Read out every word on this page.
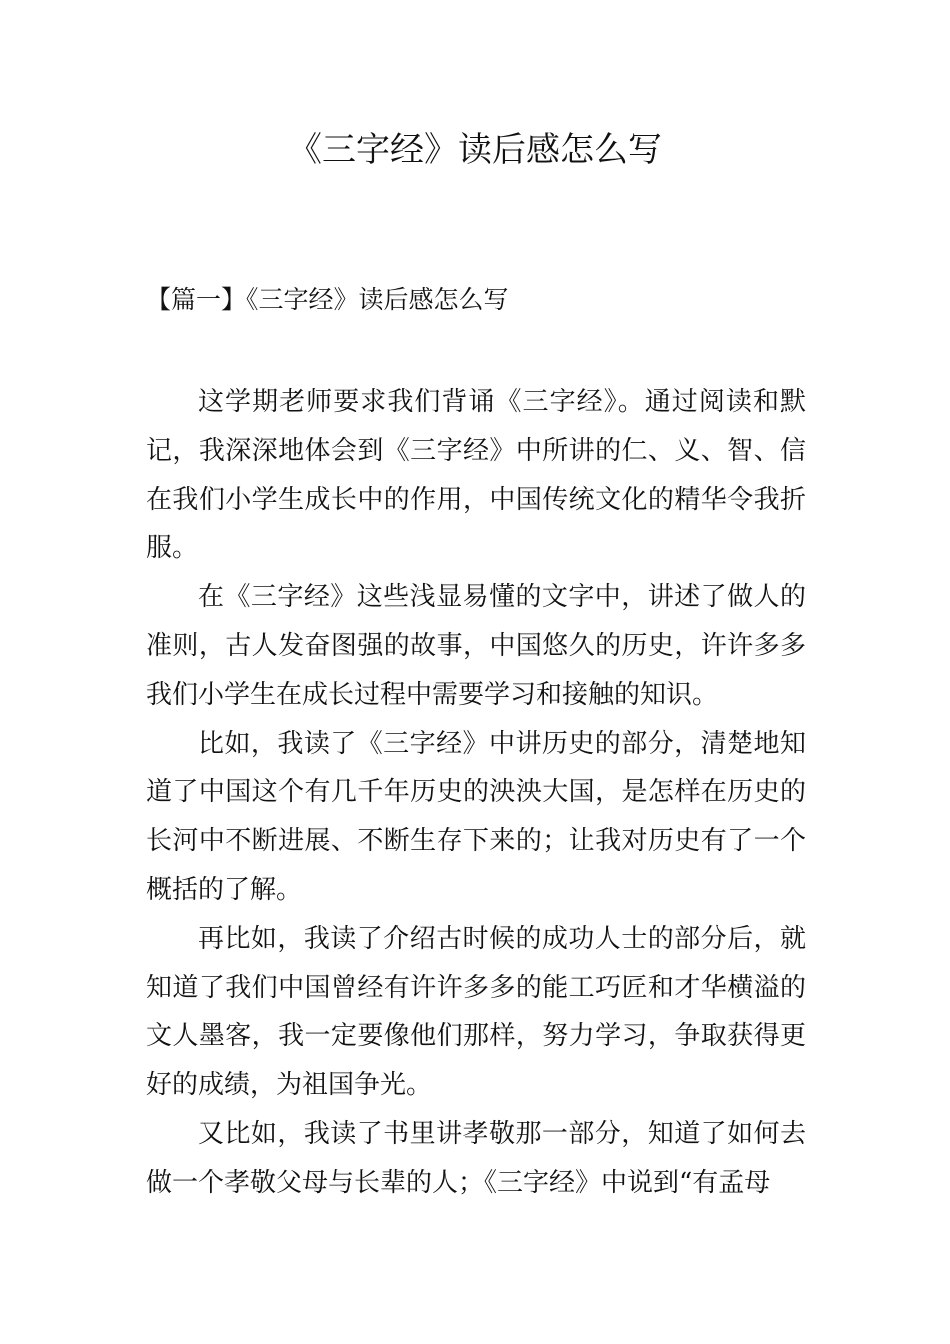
《三字经》读后感怎么写
【篇一】《三字经》读后感怎么写

这学期老师要求我们背诵《三字经》。通过阅读和默记，我深深地体会到《三字经》中所讲的仁、义、智、信在我们小学生成长中的作用，中国传统文化的精华令我折服。

在《三字经》这些浅显易懂的文字中，讲述了做人的准则，古人发奋图强的故事，中国悠久的历史，许许多多我们小学生在成长过程中需要学习和接触的知识。

比如，我读了《三字经》中讲历史的部分，清楚地知道了中国这个有几千年历史的泱泱大国，是怎样在历史的长河中不断进展、不断生存下来的；让我对历史有了一个概括的了解。

再比如，我读了介绍古时候的成功人士的部分后，就知道了我们中国曾经有许许多多的能工巧匠和才华横溢的文人墨客，我一定要像他们那样，努力学习，争取获得更好的成绩，为祖国争光。

又比如，我读了书里讲孝敬那一部分，知道了如何去做一个孝敬父母与长辈的人；《三字经》中说到“有孟母
